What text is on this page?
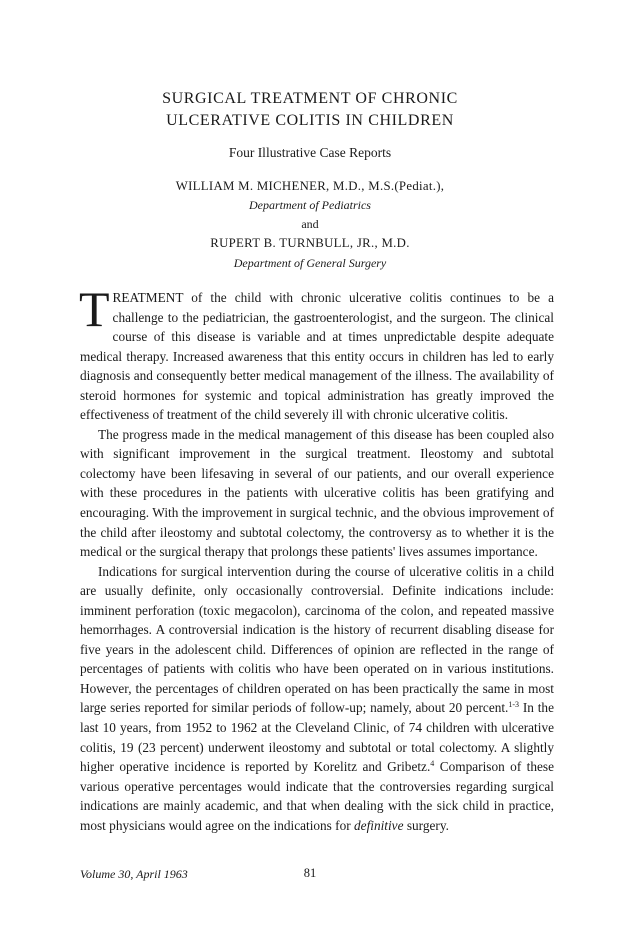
SURGICAL TREATMENT OF CHRONIC
ULCERATIVE COLITIS IN CHILDREN
Four Illustrative Case Reports
WILLIAM M. MICHENER, M.D., M.S.(Pediat.),
Department of Pediatrics
and
RUPERT B. TURNBULL, JR., M.D.
Department of General Surgery

TREATMENT of the child with chronic ulcerative colitis continues to be a challenge to the pediatrician, the gastroenterologist, and the surgeon. The clinical course of this disease is variable and at times unpredictable despite adequate medical therapy. Increased awareness that this entity occurs in children has led to early diagnosis and consequently better medical management of the illness. The availability of steroid hormones for systemic and topical administration has greatly improved the effectiveness of treatment of the child severely ill with chronic ulcerative colitis.

The progress made in the medical management of this disease has been coupled also with significant improvement in the surgical treatment. Ileostomy and subtotal colectomy have been lifesaving in several of our patients, and our overall experience with these procedures in the patients with ulcerative colitis has been gratifying and encouraging. With the improvement in surgical technic, and the obvious improvement of the child after ileostomy and subtotal colectomy, the controversy as to whether it is the medical or the surgical therapy that prolongs these patients' lives assumes importance.

Indications for surgical intervention during the course of ulcerative colitis in a child are usually definite, only occasionally controversial. Definite indications include: imminent perforation (toxic megacolon), carcinoma of the colon, and repeated massive hemorrhages. A controversial indication is the history of recurrent disabling disease for five years in the adolescent child. Differences of opinion are reflected in the range of percentages of patients with colitis who have been operated on in various institutions. However, the percentages of children operated on has been practically the same in most large series reported for similar periods of follow-up; namely, about 20 percent.$^{1-3}$ In the last 10 years, from 1952 to 1962 at the Cleveland Clinic, of 74 children with ulcerative colitis, 19 (23 percent) underwent ileostomy and subtotal or total colectomy. A slightly higher operative incidence is reported by Korelitz and Gribetz.$^4$ Comparison of these various operative percentages would indicate that the controversies regarding surgical indications are mainly academic, and that when dealing with the sick child in practice, most physicians would agree on the indications for definitive surgery.

Volume 30, April 1963	81
